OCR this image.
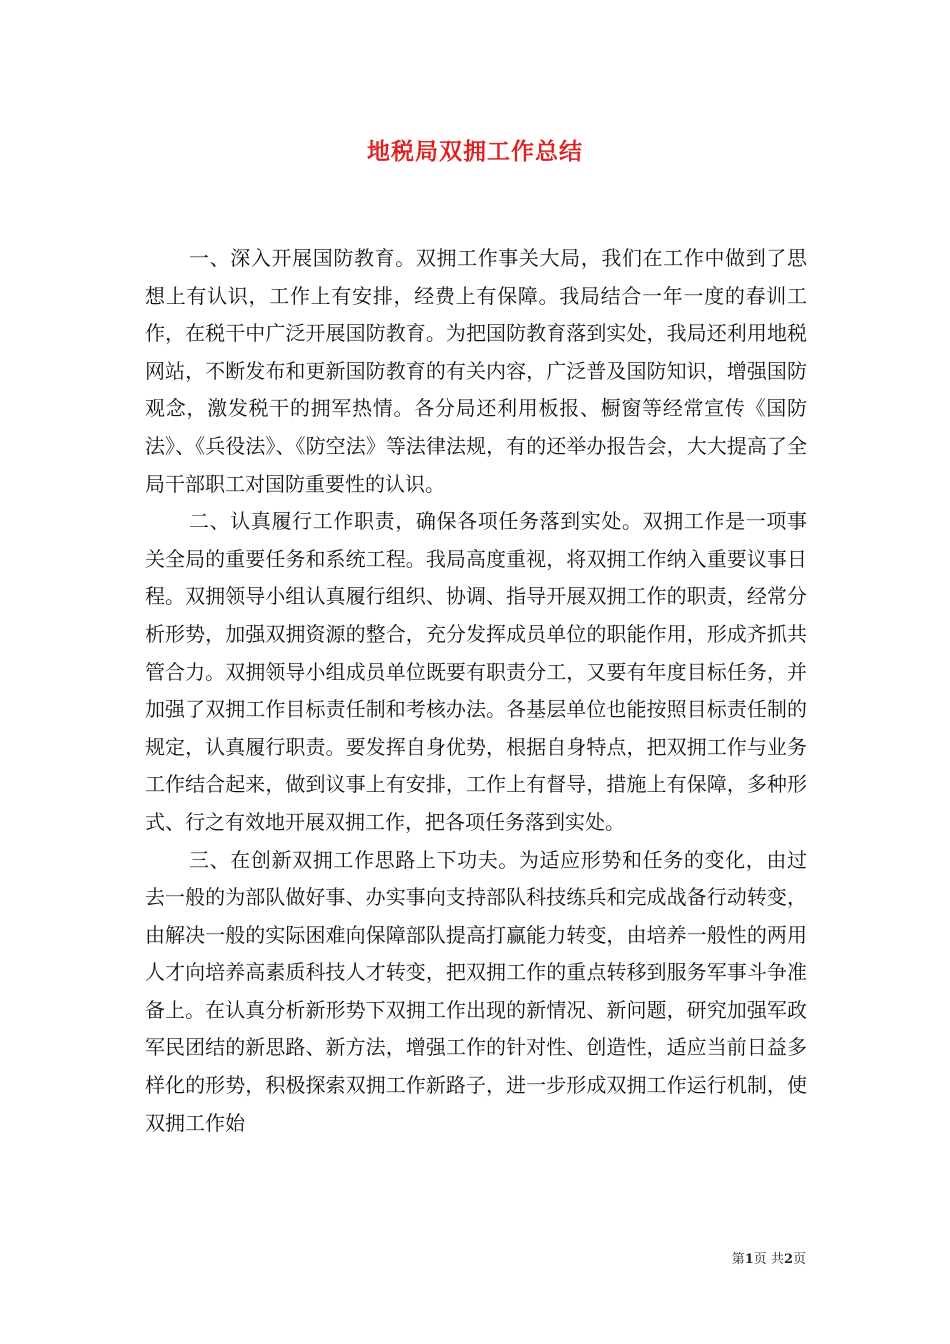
地税局双拥工作总结

一、深入开展国防教育。双拥工作事关大局，我们在工作中做到了思想上有认识，工作上有安排，经费上有保障。我局结合一年一度的春训工作，在税干中广泛开展国防教育。为把国防教育落到实处，我局还利用地税网站，不断发布和更新国防教育的有关内容，广泛普及国防知识，增强国防观念，激发税干的拥军热情。各分局还利用板报、橱窗等经常宣传《国防法》、《兵役法》、《防空法》等法律法规，有的还举办报告会，大大提高了全局干部职工对国防重要性的认识。

二、认真履行工作职责，确保各项任务落到实处。双拥工作是一项事关全局的重要任务和系统工程。我局高度重视，将双拥工作纳入重要议事日程。双拥领导小组认真履行组织、协调、指导开展双拥工作的职责，经常分析形势，加强双拥资源的整合，充分发挥成员单位的职能作用，形成齐抓共管合力。双拥领导小组成员单位既要有职责分工，又要有年度目标任务，并加强了双拥工作目标责任制和考核办法。各基层单位也能按照目标责任制的规定，认真履行职责。要发挥自身优势，根据自身特点，把双拥工作与业务工作结合起来，做到议事上有安排，工作上有督导，措施上有保障，多种形式、行之有效地开展双拥工作，把各项任务落到实处。

三、在创新双拥工作思路上下功夫。为适应形势和任务的变化，由过去一般的为部队做好事、办实事向支持部队科技练兵和完成战备行动转变，由解决一般的实际困难向保障部队提高打赢能力转变，由培养一般性的两用人才向培养高素质科技人才转变，把双拥工作的重点转移到服务军事斗争准备上。在认真分析新形势下双拥工作出现的新情况、新问题，研究加强军政军民团结的新思路、新方法，增强工作的针对性、创造性，适应当前日益多样化的形势，积极探索双拥工作新路子，进一步形成双拥工作运行机制，使双拥工作始

第1页 共2页
